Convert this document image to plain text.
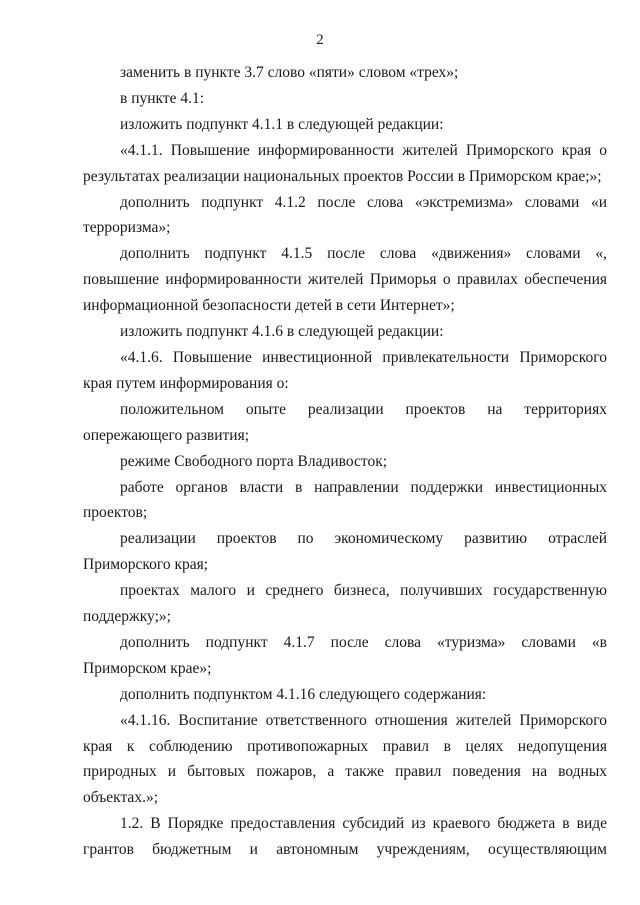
2

заменить в пункте 3.7 слово «пяти» словом «трех»;

в пункте 4.1:

изложить подпункт 4.1.1 в следующей редакции:

«4.1.1. Повышение информированности жителей Приморского края о результатах реализации национальных проектов России в Приморском крае;»;

дополнить подпункт 4.1.2 после слова «экстремизма» словами «и терроризма»;

дополнить подпункт 4.1.5 после слова «движения» словами «, повышение информированности жителей Приморья о правилах обеспечения информационной безопасности детей в сети Интернет»;

изложить подпункт 4.1.6 в следующей редакции:

«4.1.6. Повышение инвестиционной привлекательности Приморского края путем информирования о:

положительном опыте реализации проектов на территориях опережающего развития;

режиме Свободного порта Владивосток;

работе органов власти в направлении поддержки инвестиционных проектов;

реализации проектов по экономическому развитию отраслей Приморского края;

проектах малого и среднего бизнеса, получивших государственную поддержку;»;

дополнить подпункт 4.1.7 после слова «туризма» словами «в Приморском крае»;

дополнить подпунктом 4.1.16 следующего содержания:

«4.1.16. Воспитание ответственного отношения жителей Приморского края к соблюдению противопожарных правил в целях недопущения природных и бытовых пожаров, а также правил поведения на водных объектах.»;

1.2. В Порядке предоставления субсидий из краевого бюджета в виде грантов бюджетным и автономным учреждениям, осуществляющим
